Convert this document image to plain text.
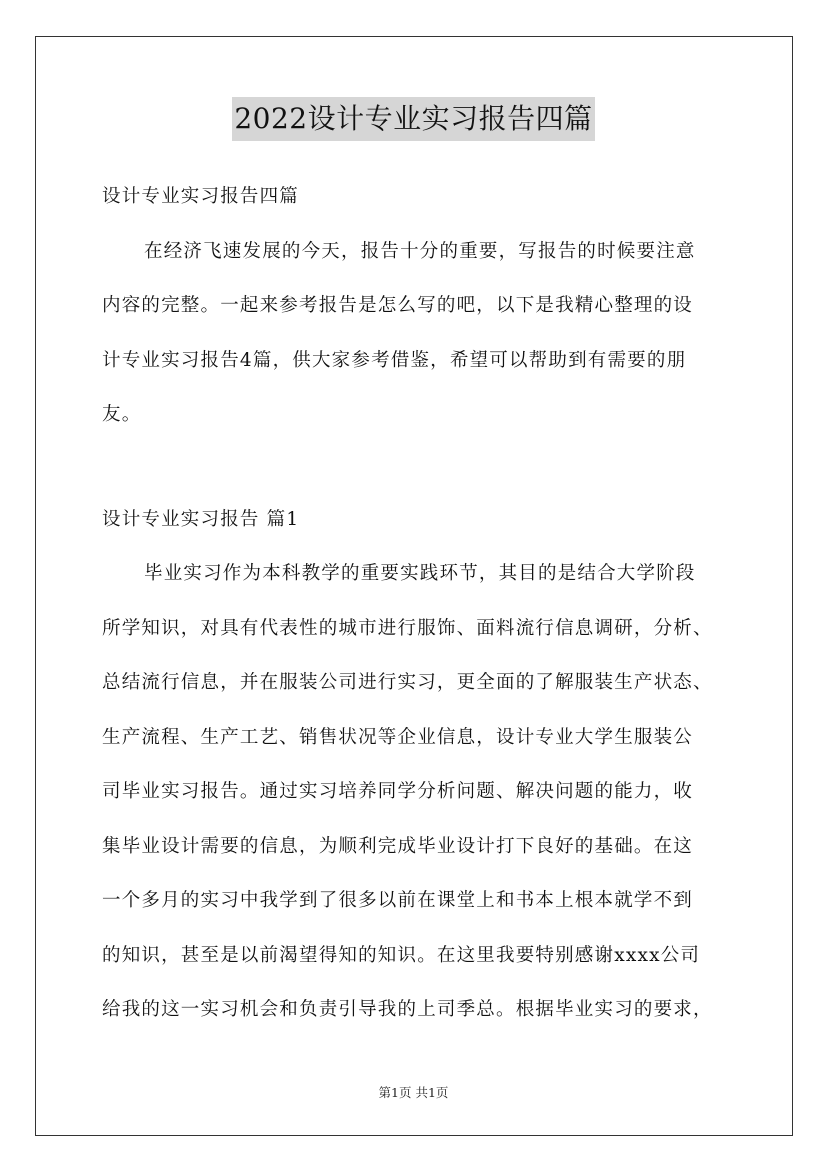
2022设计专业实习报告四篇
设计专业实习报告四篇
在经济飞速发展的今天，报告十分的重要，写报告的时候要注意
内容的完整。一起来参考报告是怎么写的吧，以下是我精心整理的设
计专业实习报告4篇，供大家参考借鉴，希望可以帮助到有需要的朋
友。
设计专业实习报告 篇1
毕业实习作为本科教学的重要实践环节，其目的是结合大学阶段
所学知识，对具有代表性的城市进行服饰、面料流行信息调研，分析、
总结流行信息，并在服装公司进行实习，更全面的了解服装生产状态、
生产流程、生产工艺、销售状况等企业信息，设计专业大学生服装公
司毕业实习报告。通过实习培养同学分析问题、解决问题的能力，收
集毕业设计需要的信息，为顺利完成毕业设计打下良好的基础。在这
一个多月的实习中我学到了很多以前在课堂上和书本上根本就学不到
的知识，甚至是以前渴望得知的知识。在这里我要特别感谢xxxx公司
给我的这一实习机会和负责引导我的上司季总。根据毕业实习的要求，
第1页 共1页
